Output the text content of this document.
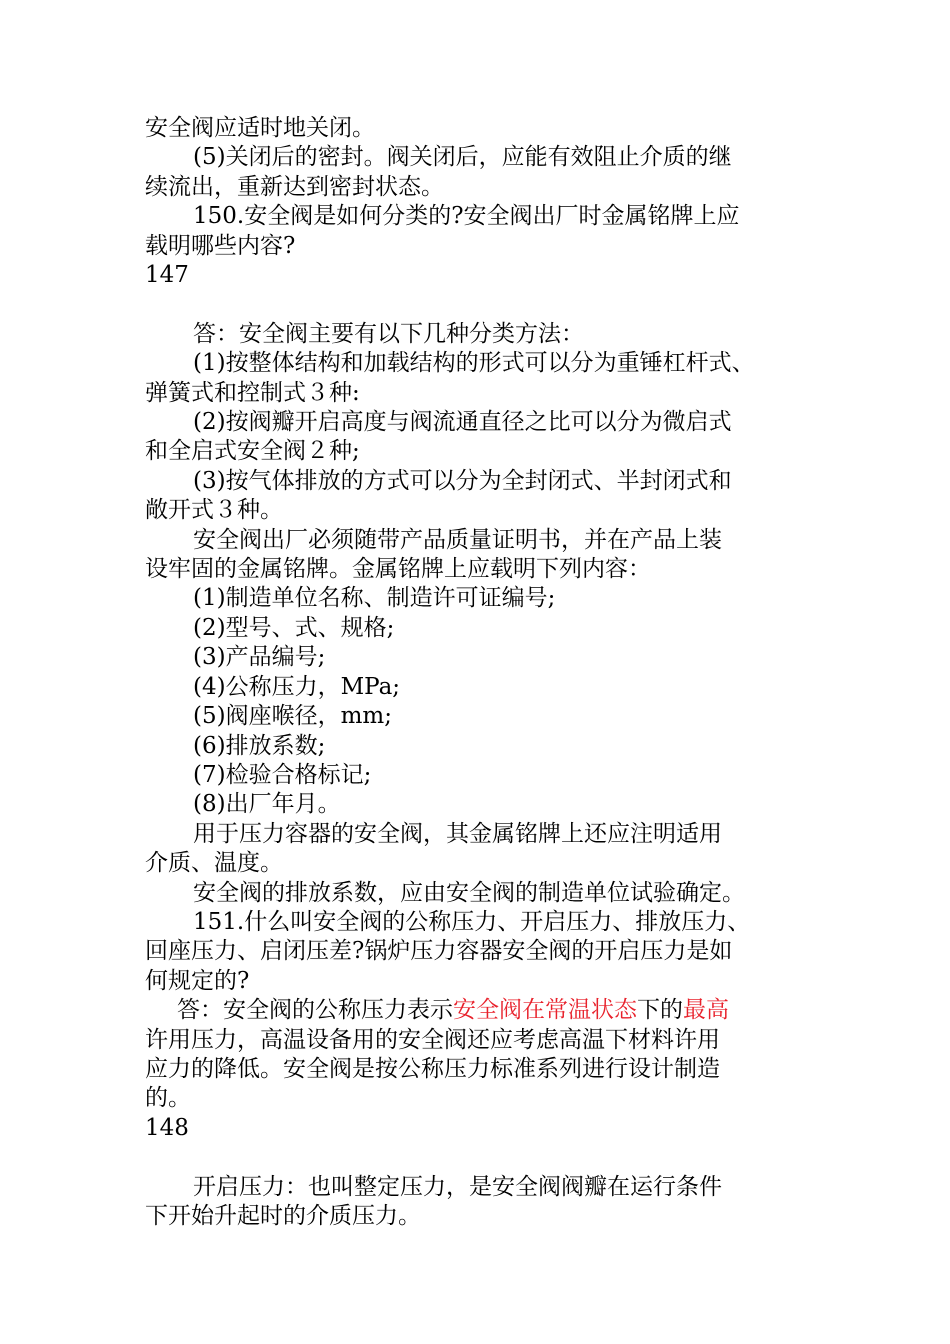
安全阀应适时地关闭。
(5)关闭后的密封。阀关闭后，应能有效阻止介质的继
续流出，重新达到密封状态。
150.安全阀是如何分类的?安全阀出厂时金属铭牌上应
载明哪些内容?
147
答：安全阀主要有以下几种分类方法：
(1)按整体结构和加载结构的形式可以分为重锤杠杆式、
弹簧式和控制式３种:
(2)按阀瓣开启高度与阀流通直径之比可以分为微启式
和全启式安全阀２种;
(3)按气体排放的方式可以分为全封闭式、半封闭式和
敞开式３种。
安全阀出厂必须随带产品质量证明书，并在产品上装
设牢固的金属铭牌。金属铭牌上应载明下列内容：
(1)制造单位名称、制造许可证编号;
(2)型号、式、规格;
(3)产品编号;
(4)公称压力，MPa;
(5)阀座喉径，mm;
(6)排放系数;
(7)检验合格标记;
(8)出厂年月。
用于压力容器的安全阀，其金属铭牌上还应注明适用
介质、温度。
安全阀的排放系数，应由安全阀的制造单位试验确定。
151.什么叫安全阀的公称压力、开启压力、排放压力、
回座压力、启闭压差?锅炉压力容器安全阀的开启压力是如
何规定的?
答：安全阀的公称压力表示安全阀在常温状态下的最高
许用压力，高温设备用的安全阀还应考虑高温下材料许用
应力的降低。安全阀是按公称压力标准系列进行设计制造
的。
148
开启压力：也叫整定压力，是安全阀阀瓣在运行条件
下开始升起时的介质压力。
